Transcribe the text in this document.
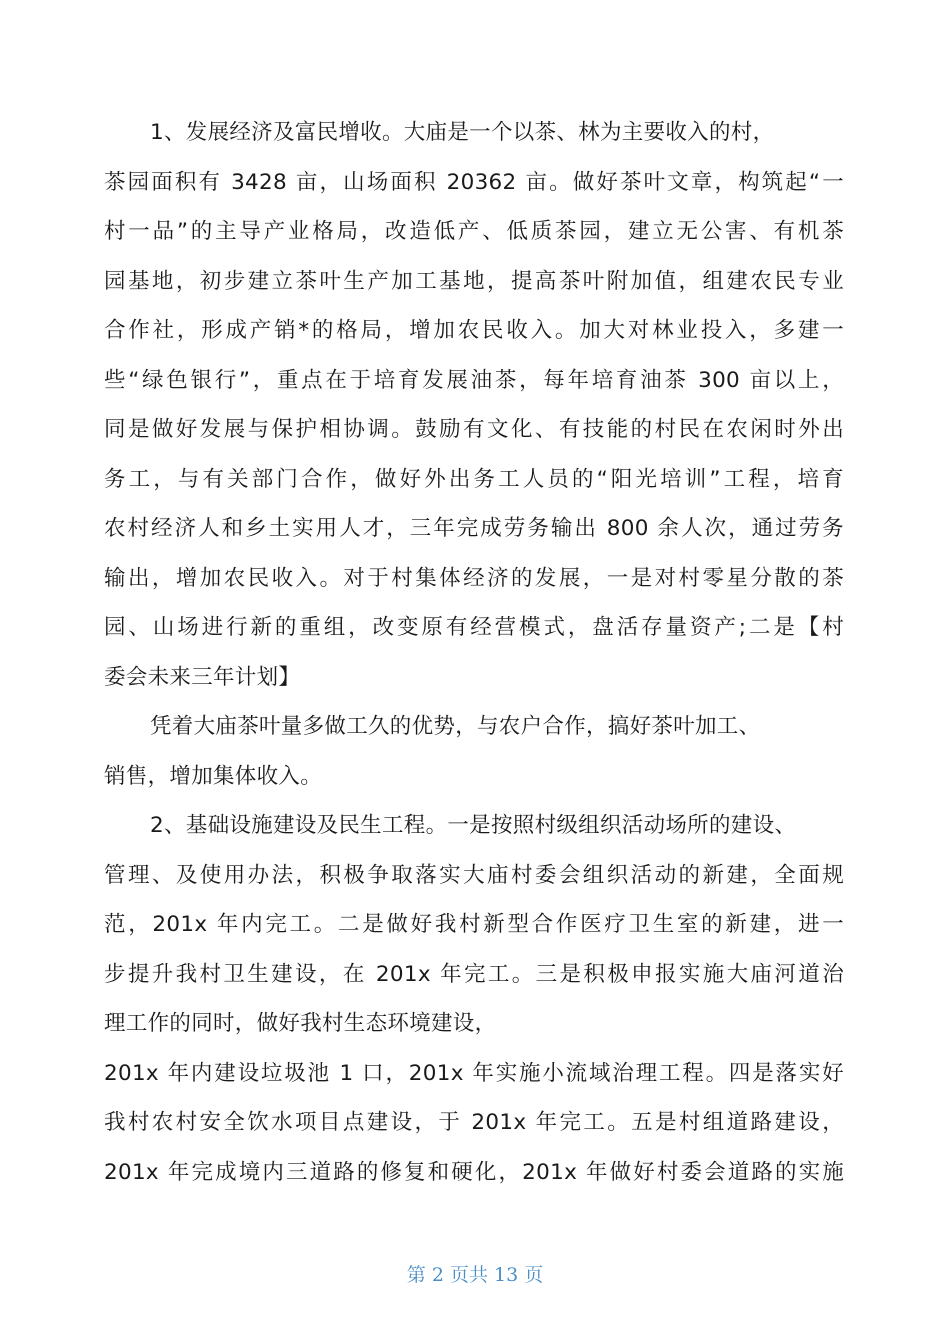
1、发展经济及富民增收。大庙是一个以茶、林为主要收入的村，
茶园面积有 3428 亩，山场面积 20362 亩。做好茶叶文章，构筑起“一
村一品”的主导产业格局，改造低产、低质茶园，建立无公害、有机茶
园基地，初步建立茶叶生产加工基地，提高茶叶附加值，组建农民专业
合作社，形成产销*的格局，增加农民收入。加大对林业投入，多建一
些“绿色银行”，重点在于培育发展油茶，每年培育油茶 300 亩以上，
同是做好发展与保护相协调。鼓励有文化、有技能的村民在农闲时外出
务工，与有关部门合作，做好外出务工人员的“阳光培训”工程，培育
农村经济人和乡土实用人才，三年完成劳务输出 800 余人次，通过劳务
输出，增加农民收入。对于村集体经济的发展，一是对村零星分散的茶
园、山场进行新的重组，改变原有经营模式，盘活存量资产;二是【村
委会未来三年计划】
凭着大庙茶叶量多做工久的优势，与农户合作，搞好茶叶加工、
销售，增加集体收入。
2、基础设施建设及民生工程。一是按照村级组织活动场所的建设、
管理、及使用办法，积极争取落实大庙村委会组织活动的新建，全面规
范，201x 年内完工。二是做好我村新型合作医疗卫生室的新建，进一
步提升我村卫生建设，在 201x 年完工。三是积极申报实施大庙河道治
理工作的同时，做好我村生态环境建设，
201x 年内建设垃圾池 1 口，201x 年实施小流域治理工程。四是落实好
我村农村安全饮水项目点建设，于 201x 年完工。五是村组道路建设，
201x 年完成境内三道路的修复和硬化，201x 年做好村委会道路的实施
第 2 页共 13 页
